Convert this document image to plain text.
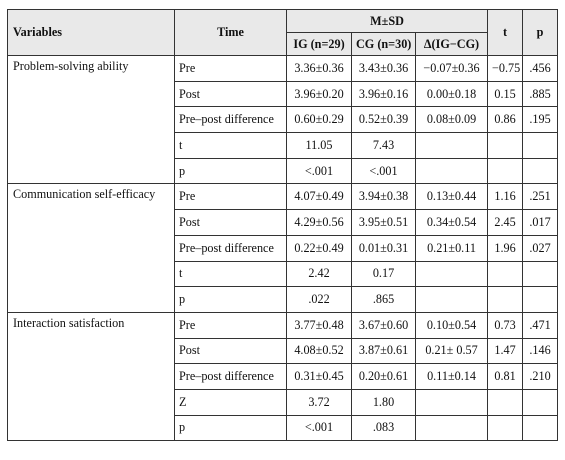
Variables	Time	M±SD			t	p
		IG (n=29)	CG (n=30)	Δ(IG−CG)		
Problem-solving ability	Pre	3.36±0.36	3.43±0.36	−0.07±0.36	−0.75	.456
	Post	3.96±0.20	3.96±0.16	0.00±0.18	0.15	.885
	Pre–post difference	0.60±0.29	0.52±0.39	0.08±0.09	0.86	.195
	t	11.05	7.43			
	p	<.001	<.001			
Communication self-efficacy	Pre	4.07±0.49	3.94±0.38	0.13±0.44	1.16	.251
	Post	4.29±0.56	3.95±0.51	0.34±0.54	2.45	.017
	Pre–post difference	0.22±0.49	0.01±0.31	0.21±0.11	1.96	.027
	t	2.42	0.17			
	p	.022	.865			
Interaction satisfaction	Pre	3.77±0.48	3.67±0.60	0.10±0.54	0.73	.471
	Post	4.08±0.52	3.87±0.61	0.21± 0.57	1.47	.146
	Pre–post difference	0.31±0.45	0.20±0.61	0.11±0.14	0.81	.210
	Z	3.72	1.80			
	p	<.001	.083			
